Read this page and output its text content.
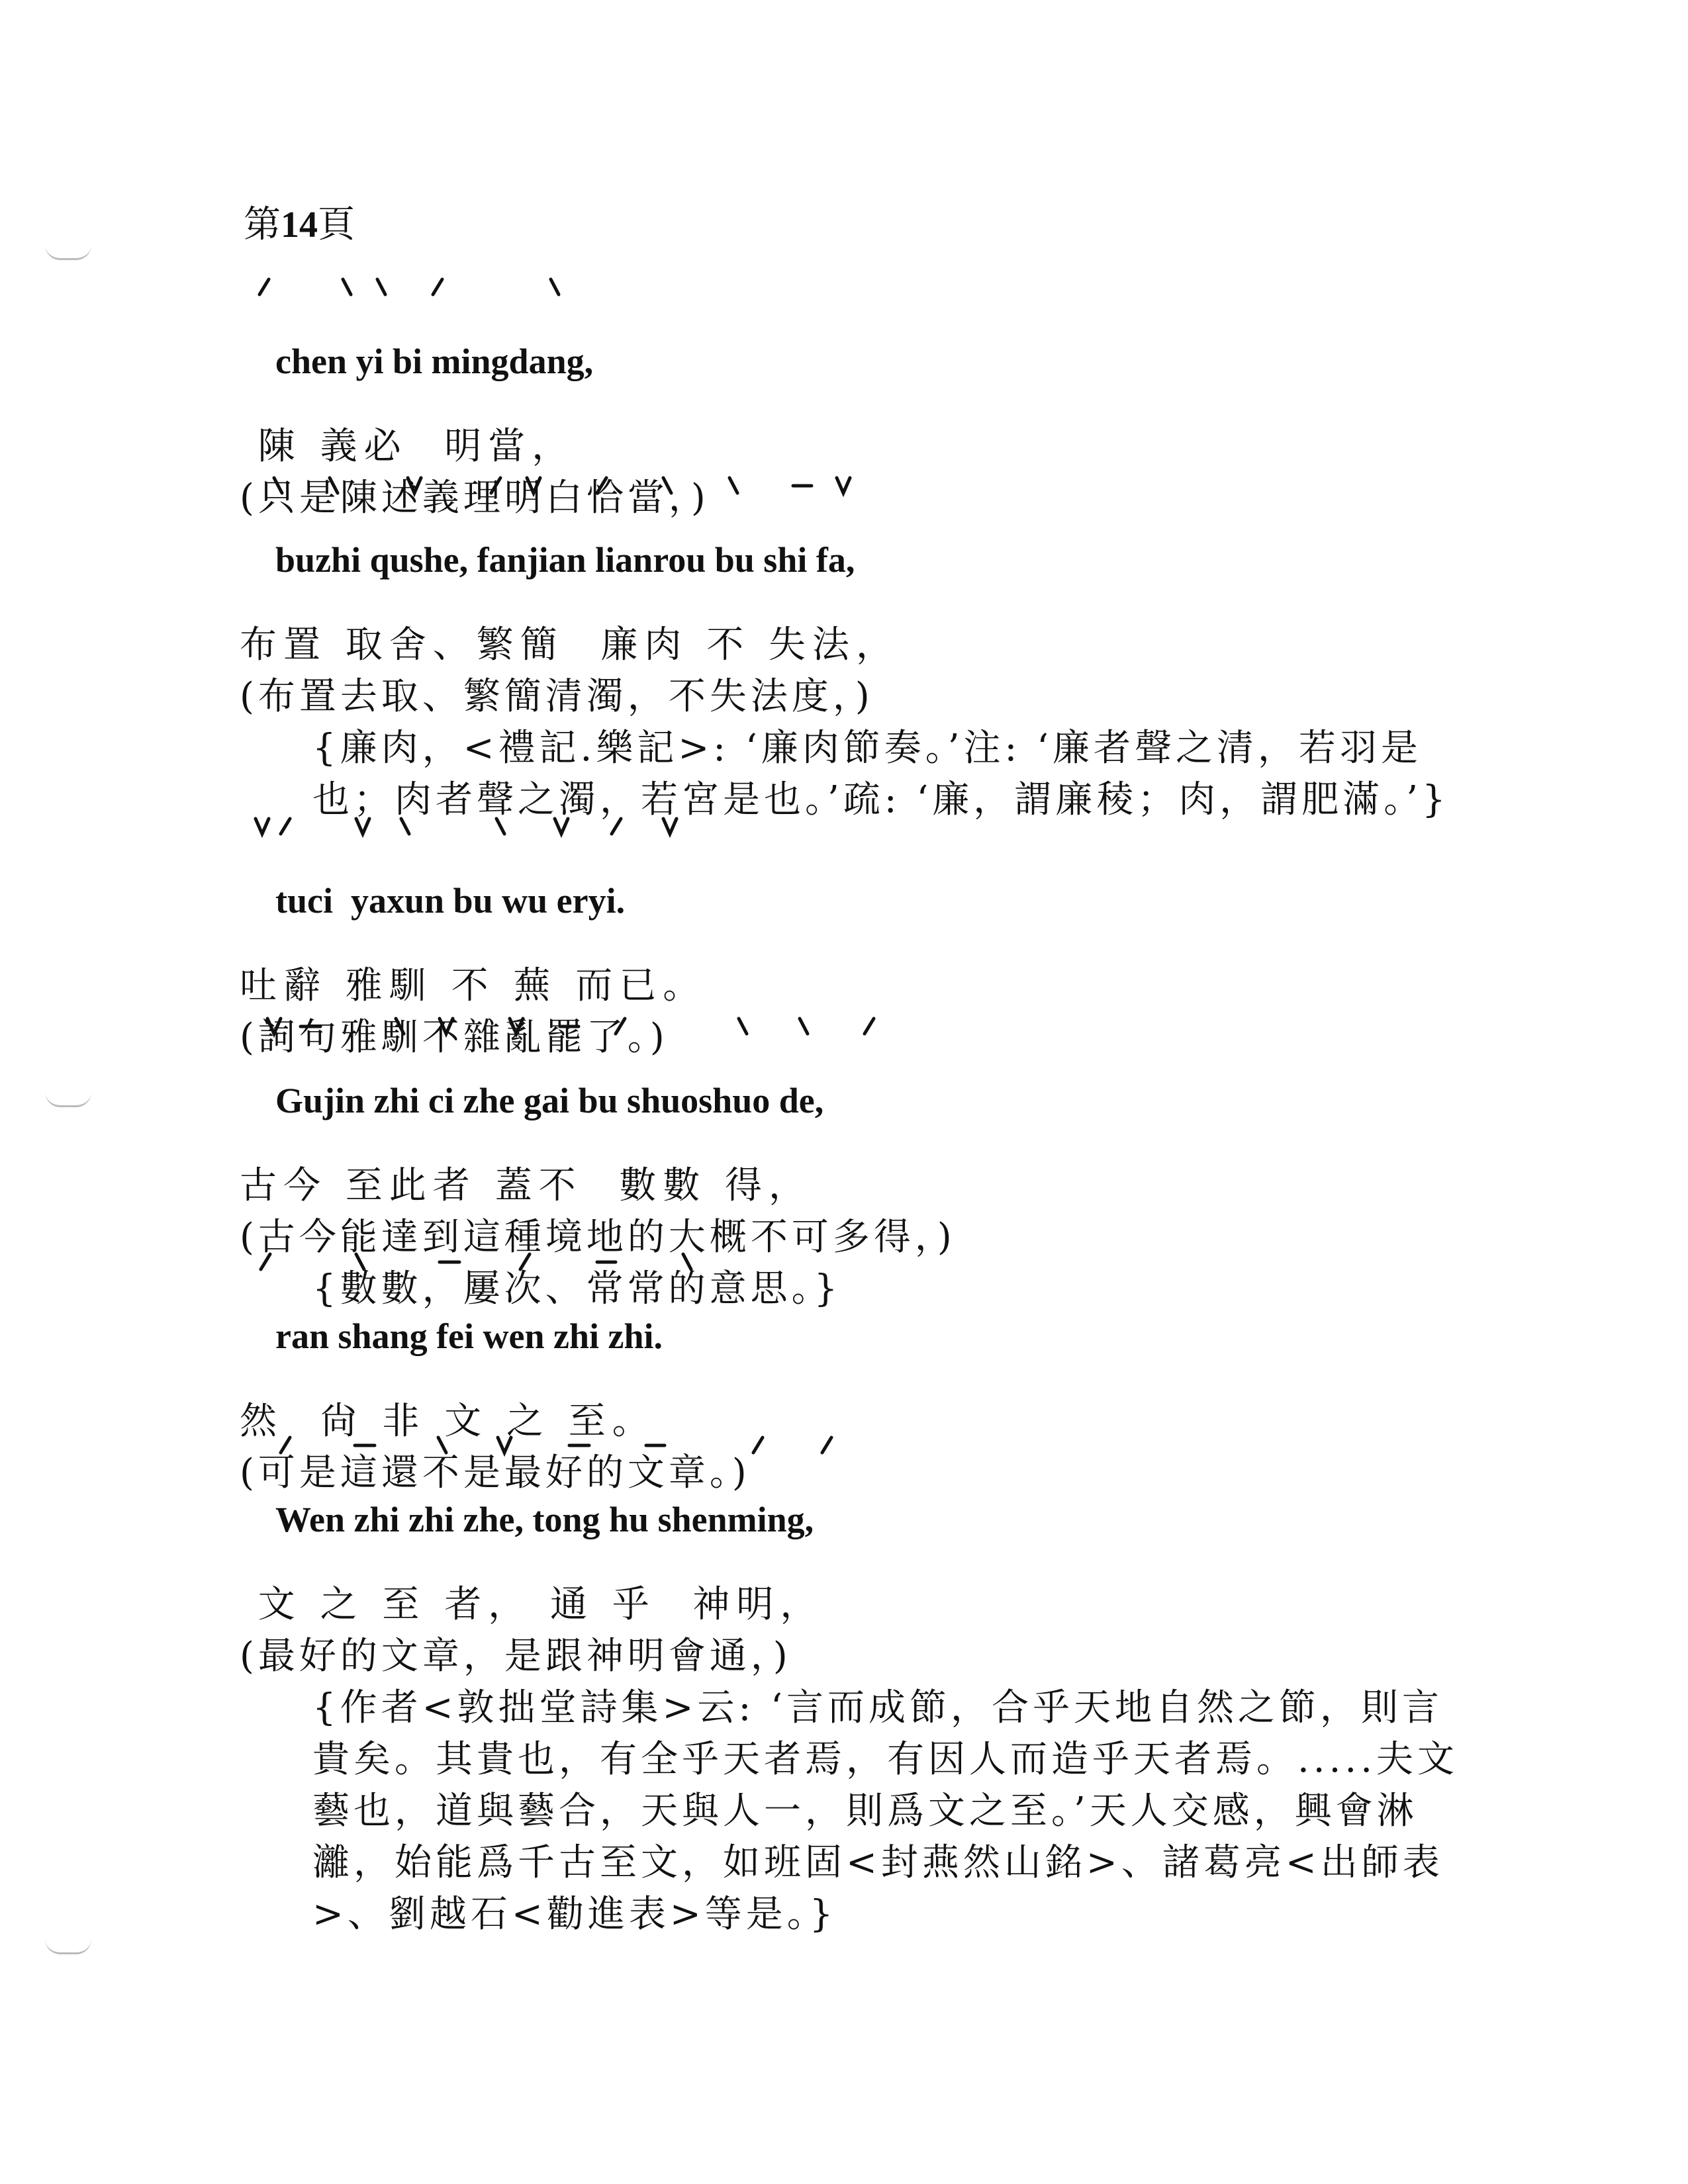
第14頁

chen yi bi mingdang,

陳 義必  明當，

(只是陳述義理明白恰當，)

buzhi qushe, fanjian lianrou bu shi fa,

布置 取舍、繁簡  廉肉 不 失法，

(布置去取、繁簡清濁，不失法度，)

{廉肉，<禮記.樂記>: ‘廉肉節奏。’注: ‘廉者聲之清，若羽是也；肉者聲之濁，若宮是也。’疏: ‘廉，謂廉稜；肉，謂肥滿。’}

tuci  yaxun bu wu eryi.

吐辭 雅馴 不 蕪 而已。

(詞句雅馴不雜亂罷了。)

Gujin zhi ci zhe gai bu shuoshuo de,

古今 至此者 蓋不  數數 得，

(古今能達到這種境地的大概不可多得，)

{數數，屢次、常常的意思。}

ran shang fei wen zhi zhi.

然  尙 非 文 之 至。

(可是這還不是最好的文章。)

Wen zhi zhi zhe, tong hu shenming,

文 之 至 者， 通 乎  神明，

(最好的文章，是跟神明會通，)

{作者<敦拙堂詩集>云: ‘言而成節，合乎天地自然之節，則言貴矣。其貴也，有全乎天者焉，有因人而造乎天者焉。.....夫文藝也，道與藝合，天與人一，則爲文之至。’天人交感，興會淋灕，始能爲千古至文，如班固<封燕然山銘>、諸葛亮<出師表>、劉越石<勸進表>等是。}
